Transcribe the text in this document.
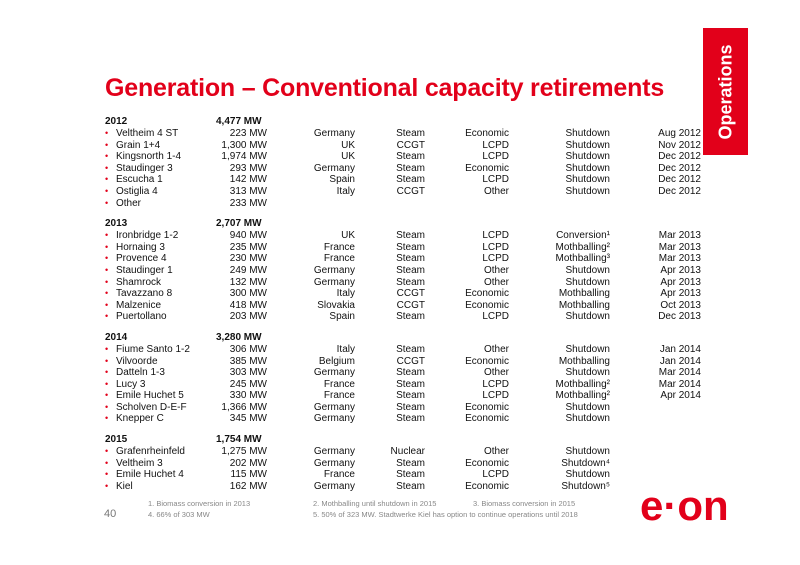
Generation – Conventional capacity retirements	Operations
2012	4,477 MW
• Veltheim 4 ST	223 MW	Germany	Steam	Economic	Shutdown	Aug 2012
• Grain 1+4	1,300 MW	UK	CCGT	LCPD	Shutdown	Nov 2012
• Kingsnorth 1-4	1,974 MW	UK	Steam	LCPD	Shutdown	Dec 2012
• Staudinger 3	293 MW	Germany	Steam	Economic	Shutdown	Dec 2012
• Escucha 1	142 MW	Spain	Steam	LCPD	Shutdown	Dec 2012
• Ostiglia 4	313 MW	Italy	CCGT	Other	Shutdown	Dec 2012
• Other	233 MW
2013	2,707 MW
• Ironbridge 1-2	940 MW	UK	Steam	LCPD	Conversion¹	Mar 2013
• Hornaing 3	235 MW	France	Steam	LCPD	Mothballing²	Mar 2013
• Provence 4	230 MW	France	Steam	LCPD	Mothballing³	Mar 2013
• Staudinger 1	249 MW	Germany	Steam	Other	Shutdown	Apr 2013
• Shamrock	132 MW	Germany	Steam	Other	Shutdown	Apr 2013
• Tavazzano 8	300 MW	Italy	CCGT	Economic	Mothballing	Apr 2013
• Malzenice	418 MW	Slovakia	CCGT	Economic	Mothballing	Oct 2013
• Puertollano	203 MW	Spain	Steam	LCPD	Shutdown	Dec 2013
2014	3,280 MW
• Fiume Santo 1-2	306 MW	Italy	Steam	Other	Shutdown	Jan 2014
• Vilvoorde	385 MW	Belgium	CCGT	Economic	Mothballing	Jan 2014
• Datteln 1-3	303 MW	Germany	Steam	Other	Shutdown	Mar 2014
• Lucy 3	245 MW	France	Steam	LCPD	Mothballing²	Mar 2014
• Emile Huchet 5	330 MW	France	Steam	LCPD	Mothballing²	Apr 2014
• Scholven D-E-F	1,366 MW	Germany	Steam	Economic	Shutdown
• Knepper C	345 MW	Germany	Steam	Economic	Shutdown
2015	1,754 MW
• Grafenrheinfeld	1,275 MW	Germany	Nuclear	Other	Shutdown
• Veltheim 3	202 MW	Germany	Steam	Economic	Shutdown⁴
• Emile Huchet 4	115 MW	France	Steam	LCPD	Shutdown
• Kiel	162 MW	Germany	Steam	Economic	Shutdown⁵
1. Biomass conversion in 2013
4. 66% of 303 MW
2. Mothballing until shutdown in 2015
5. 50% of 323 MW. Stadtwerke Kiel has option to continue operations until 2018
3. Biomass conversion in 2015
40	e·on
